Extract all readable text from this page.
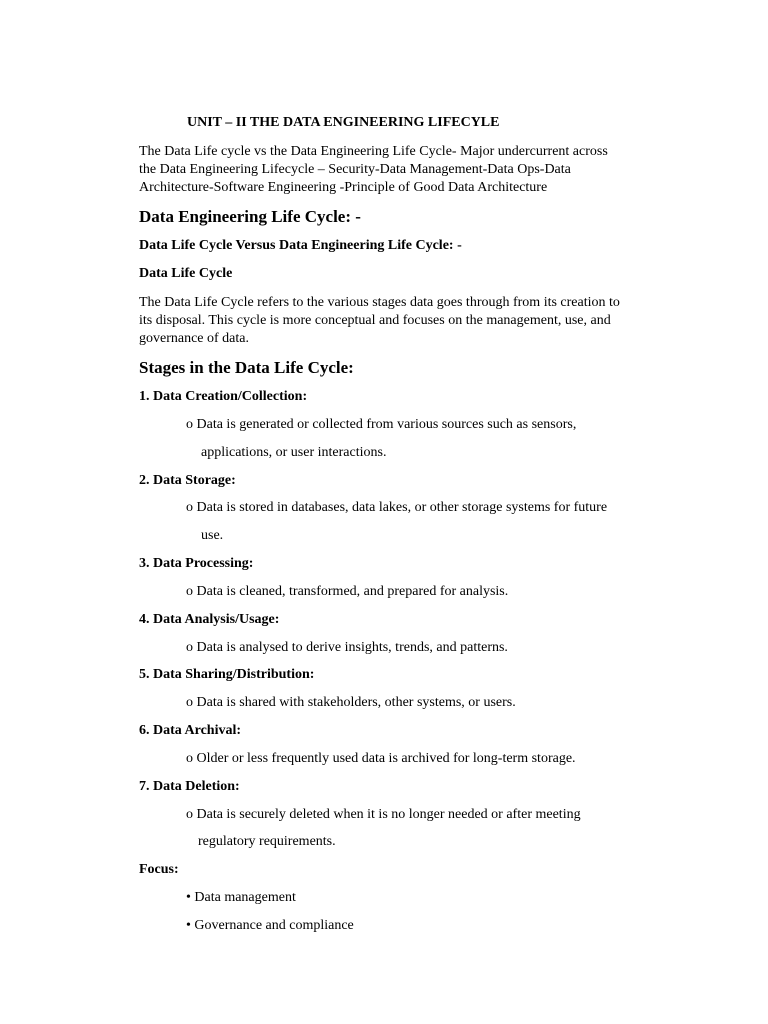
UNIT – II THE DATA ENGINEERING LIFECYLE
The Data Life cycle vs the Data Engineering Life Cycle- Major undercurrent across
the Data Engineering Lifecycle – Security-Data Management-Data Ops-Data
Architecture-Software Engineering -Principle of Good Data Architecture
Data Engineering Life Cycle: -
Data Life Cycle Versus Data Engineering Life Cycle: -
Data Life Cycle
The Data Life Cycle refers to the various stages data goes through from its creation to
its disposal. This cycle is more conceptual and focuses on the management, use, and
governance of data.
Stages in the Data Life Cycle:
1. Data Creation/Collection:
o Data is generated or collected from various sources such as sensors,
applications, or user interactions.
2. Data Storage:
o Data is stored in databases, data lakes, or other storage systems for future
use.
3. Data Processing:
o Data is cleaned, transformed, and prepared for analysis.
4. Data Analysis/Usage:
o Data is analysed to derive insights, trends, and patterns.
5. Data Sharing/Distribution:
o Data is shared with stakeholders, other systems, or users.
6. Data Archival:
o Older or less frequently used data is archived for long-term storage.
7. Data Deletion:
o Data is securely deleted when it is no longer needed or after meeting
regulatory requirements.
Focus:
• Data management
• Governance and compliance
